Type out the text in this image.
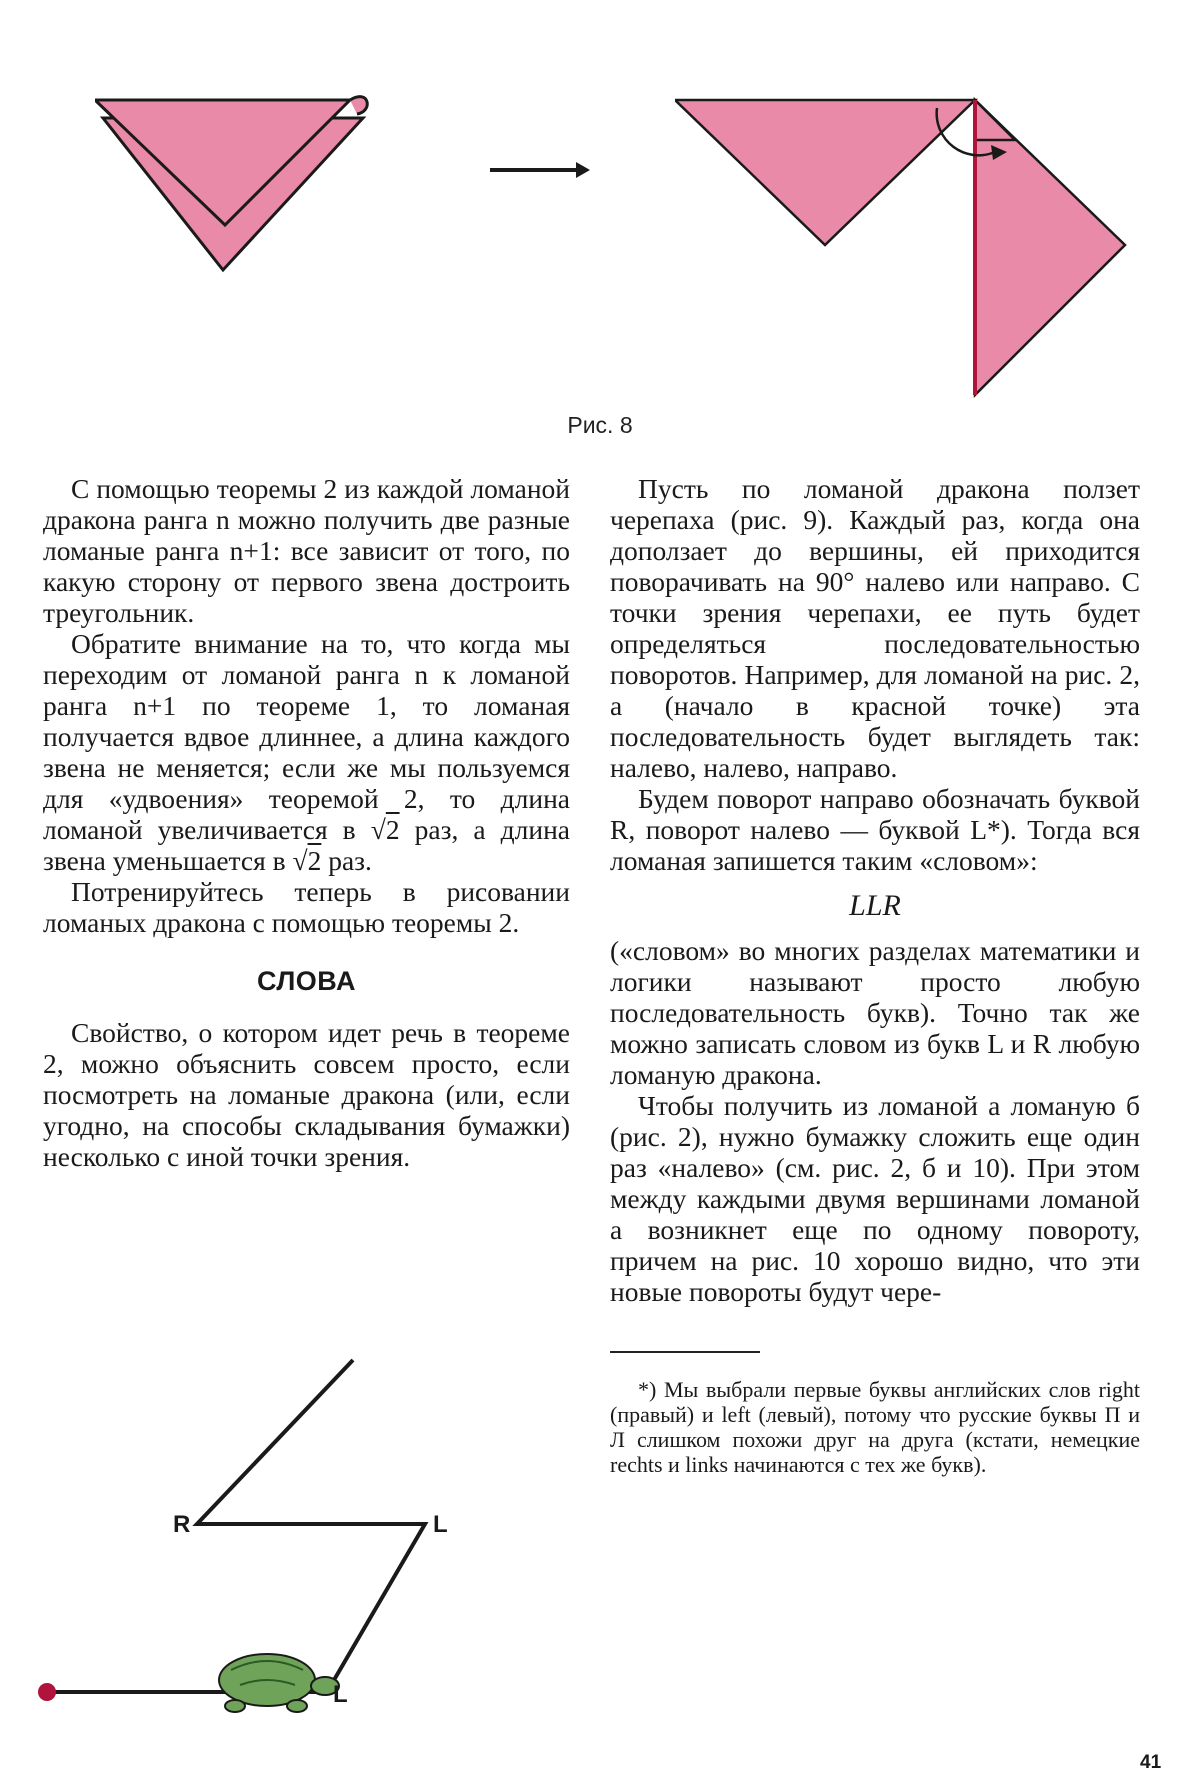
Рис. 8

С помощью теоремы 2 из каждой ломаной дракона ранга n можно получить две разные ломаные ранга n+1: все зависит от того, по какую сторону от первого звена достроить треугольник.

Обратите внимание на то, что когда мы переходим от ломаной ранга n к ломаной ранга n+1 по теореме 1, то ломаная получается вдвое длиннее, а длина каждого звена не меняется; если же мы пользуемся для «удвоения» теоремой 2, то длина ломаной увеличивается в √2 раз, а длина звена уменьшается в √2 раз.

Потренируйтесь теперь в рисовании ломаных дракона с помощью теоремы 2.

СЛОВА

Свойство, о котором идет речь в теореме 2, можно объяснить совсем просто, если посмотреть на ломаные дракона (или, если угодно, на способы складывания бумажки) несколько с иной точки зрения.

Пусть по ломаной дракона ползет черепаха (рис. 9). Каждый раз, когда она доползает до вершины, ей приходится поворачивать на 90° налево или направо. С точки зрения черепахи, ее путь будет определяться последовательностью поворотов. Например, для ломаной на рис. 2, а (начало в красной точке) эта последовательность будет выглядеть так: налево, налево, направо.

Будем поворот направо обозначать буквой R, поворот налево — буквой L*). Тогда вся ломаная запишется таким «словом»:

LLR

(«словом» во многих разделах математики и логики называют просто любую последовательность букв). Точно так же можно записать словом из букв L и R любую ломаную дракона.

Чтобы получить из ломаной а ломаную б (рис. 2), нужно бумажку сложить еще один раз «налево» (см. рис. 2, б и 10). При этом между каждыми двумя вершинами ломаной а возникнет еще по одному повороту, причем на рис. 10 хорошо видно, что эти новые повороты будут чере-

*) Мы выбрали первые буквы английских слов right (правый) и left (левый), потому что русские буквы П и Л слишком похожи друг на друга (кстати, немецкие rechts и links начинаются с тех же букв).

R	L
L
41
